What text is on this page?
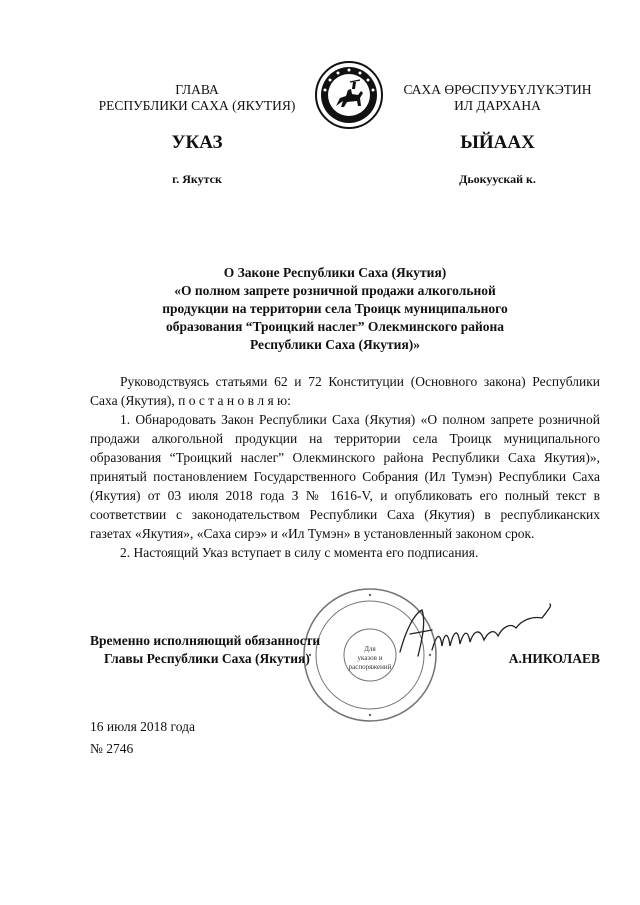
ГЛАВА
РЕСПУБЛИКИ САХА (ЯКУТИЯ)
САХА ӨРӨСПУУБҮЛҮКЭТИН
ИЛ ДАРХАНА
УКАЗ	ЫЙААХ
г. Якутск	Дьокуускай к.
О Законе Республики Саха (Якутия)
«О полном запрете розничной продажи алкогольной
продукции на территории села Троицк муниципального
образования “Троицкий наслег” Олекминского района
Республики Саха (Якутия)»

Руководствуясь статьями 62 и 72 Конституции (Основного закона) Республики Саха (Якутия), п о с т а н о в л я ю:

1. Обнародовать Закон Республики Саха (Якутия) «О полном запрете розничной продажи алкогольной продукции на территории села Троицк муниципального образования “Троицкий наслег” Олекминского района Республики Саха Якутия)», принятый постановлением Государственного Собрания (Ил Тумэн) Республики Саха (Якутия) от 03 июля 2018 года З № 1616-V, и опубликовать его полный текст в соответствии с законодательством Республики Саха (Якутия) в республиканских газетах «Якутия», «Саха сирэ» и «Ил Тумэн» в установленный законом срок.

2. Настоящий Указ вступает в силу с момента его подписания.

Для
указов и
распоряжений
Временно исполняющий обязанности
Главы Республики Саха (Якутия)	А.НИКОЛАЕВ
16 июля 2018 года
№ 2746
